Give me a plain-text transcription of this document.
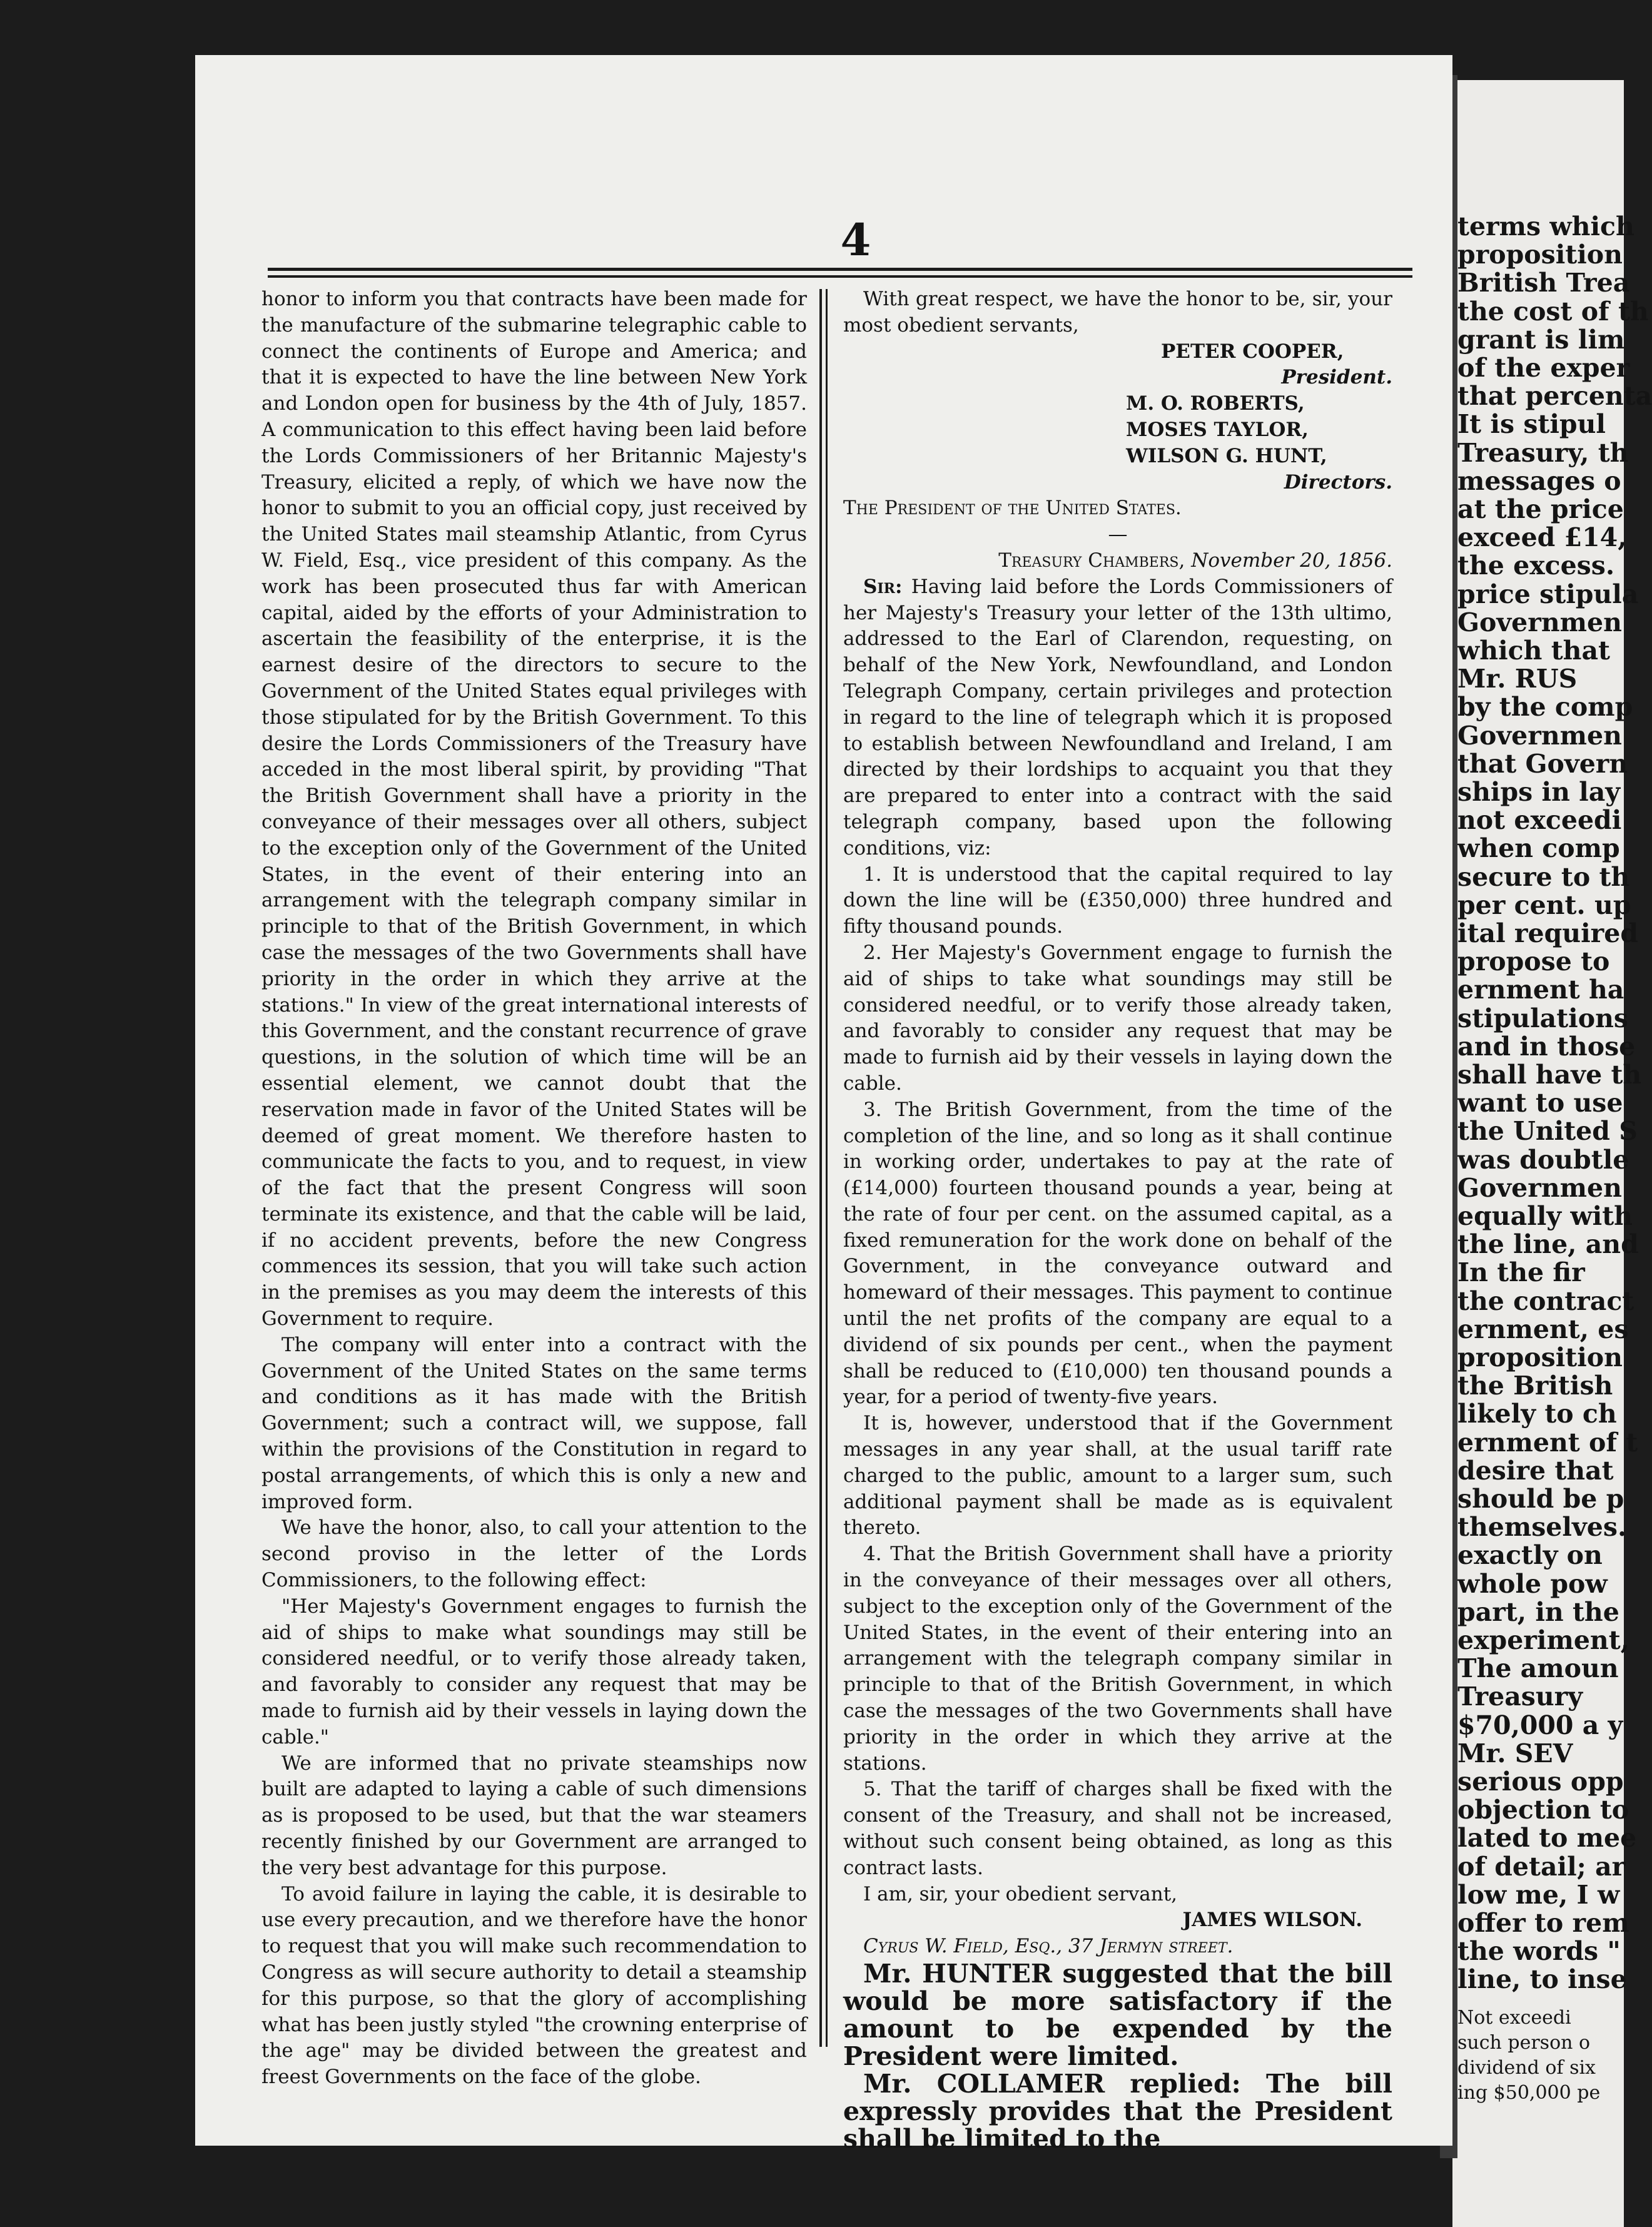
terms which
proposition
British Trea
the cost of th
grant is lim
of the exper
that percenta
It is stipul
Treasury, th
messages o
at the price
exceed £14,
the excess.
price stipula
Governmen
which that
Mr. RUS
by the comp
Governmen
that Govern
ships in lay
not exceedi
when comp
secure to th
per cent. up
ital required
propose to
ernment ha
stipulations
and in those
shall have th
want to use
the United S
was doubtle
Governmen
equally with
the line, and
In the fir
the contract
ernment, es
proposition
the British
likely to ch
ernment of t
desire that
should be p
themselves.
exactly on
whole pow
part, in the
experiment,
The amoun
Treasury
$70,000 a y
Mr. SEV
serious opp
objection to
lated to mee
of detail; ar
low me, I w
offer to rem
the words "
line, to inse
Not exceedi
such person o
dividend of six
ing $50,000 pe
4

honor to inform you that contracts have been made for the manufacture of the submarine telegraphic cable to connect the continents of Europe and America; and that it is expected to have the line between New York and London open for business by the 4th of July, 1857. A communication to this effect having been laid before the Lords Commissioners of her Britannic Majesty's Treasury, elicited a reply, of which we have now the honor to submit to you an official copy, just received by the United States mail steamship Atlantic, from Cyrus W. Field, Esq., vice president of this company. As the work has been prosecuted thus far with American capital, aided by the efforts of your Administration to ascertain the feasibility of the enterprise, it is the earnest desire of the directors to secure to the Government of the United States equal privileges with those stipulated for by the British Government. To this desire the Lords Commissioners of the Treasury have acceded in the most liberal spirit, by providing "That the British Government shall have a priority in the conveyance of their messages over all others, subject to the exception only of the Government of the United States, in the event of their entering into an arrangement with the telegraph company similar in principle to that of the British Government, in which case the messages of the two Governments shall have priority in the order in which they arrive at the stations." In view of the great international interests of this Government, and the constant recurrence of grave questions, in the solution of which time will be an essential element, we cannot doubt that the reservation made in favor of the United States will be deemed of great moment. We therefore hasten to communicate the facts to you, and to request, in view of the fact that the present Congress will soon terminate its existence, and that the cable will be laid, if no accident prevents, before the new Congress commences its session, that you will take such action in the premises as you may deem the interests of this Government to require.

The company will enter into a contract with the Government of the United States on the same terms and conditions as it has made with the British Government; such a contract will, we suppose, fall within the provisions of the Constitution in regard to postal arrangements, of which this is only a new and improved form.

We have the honor, also, to call your attention to the second proviso in the letter of the Lords Commissioners, to the following effect:

"Her Majesty's Government engages to furnish the aid of ships to make what soundings may still be considered needful, or to verify those already taken, and favorably to consider any request that may be made to furnish aid by their vessels in laying down the cable."

We are informed that no private steamships now built are adapted to laying a cable of such dimensions as is proposed to be used, but that the war steamers recently finished by our Government are arranged to the very best advantage for this purpose.

To avoid failure in laying the cable, it is desirable to use every precaution, and we therefore have the honor to request that you will make such recommendation to Congress as will secure authority to detail a steamship for this purpose, so that the glory of accomplishing what has been justly styled "the crowning enterprise of the age" may be divided between the greatest and freest Governments on the face of the globe.

With great respect, we have the honor to be, sir, your most obedient servants,

PETER COOPER,

President.

M. O. ROBERTS,

MOSES TAYLOR,

WILSON G. HUNT,

Directors.

The President of the United States.

—

Treasury Chambers, November 20, 1856.

Sir: Having laid before the Lords Commissioners of her Majesty's Treasury your letter of the 13th ultimo, addressed to the Earl of Clarendon, requesting, on behalf of the New York, Newfoundland, and London Telegraph Company, certain privileges and protection in regard to the line of telegraph which it is proposed to establish between Newfoundland and Ireland, I am directed by their lordships to acquaint you that they are prepared to enter into a contract with the said telegraph company, based upon the following conditions, viz:

1. It is understood that the capital required to lay down the line will be (£350,000) three hundred and fifty thousand pounds.

2. Her Majesty's Government engage to furnish the aid of ships to take what soundings may still be considered needful, or to verify those already taken, and favorably to consider any request that may be made to furnish aid by their vessels in laying down the cable.

3. The British Government, from the time of the completion of the line, and so long as it shall continue in working order, undertakes to pay at the rate of (£14,000) fourteen thousand pounds a year, being at the rate of four per cent. on the assumed capital, as a fixed remuneration for the work done on behalf of the Government, in the conveyance outward and homeward of their messages. This payment to continue until the net profits of the company are equal to a dividend of six pounds per cent., when the payment shall be reduced to (£10,000) ten thousand pounds a year, for a period of twenty-five years.

It is, however, understood that if the Government messages in any year shall, at the usual tariff rate charged to the public, amount to a larger sum, such additional payment shall be made as is equivalent thereto.

4. That the British Government shall have a priority in the conveyance of their messages over all others, subject to the exception only of the Government of the United States, in the event of their entering into an arrangement with the telegraph company similar in principle to that of the British Government, in which case the messages of the two Governments shall have priority in the order in which they arrive at the stations.

5. That the tariff of charges shall be fixed with the consent of the Treasury, and shall not be increased, without such consent being obtained, as long as this contract lasts.

I am, sir, your obedient servant,

JAMES WILSON.

Cyrus W. Field, Esq., 37 Jermyn street.

Mr. HUNTER suggested that the bill would be more satisfactory if the amount to be expended by the President were limited.

Mr. COLLAMER replied: The bill expressly provides that the President shall be limited to the
